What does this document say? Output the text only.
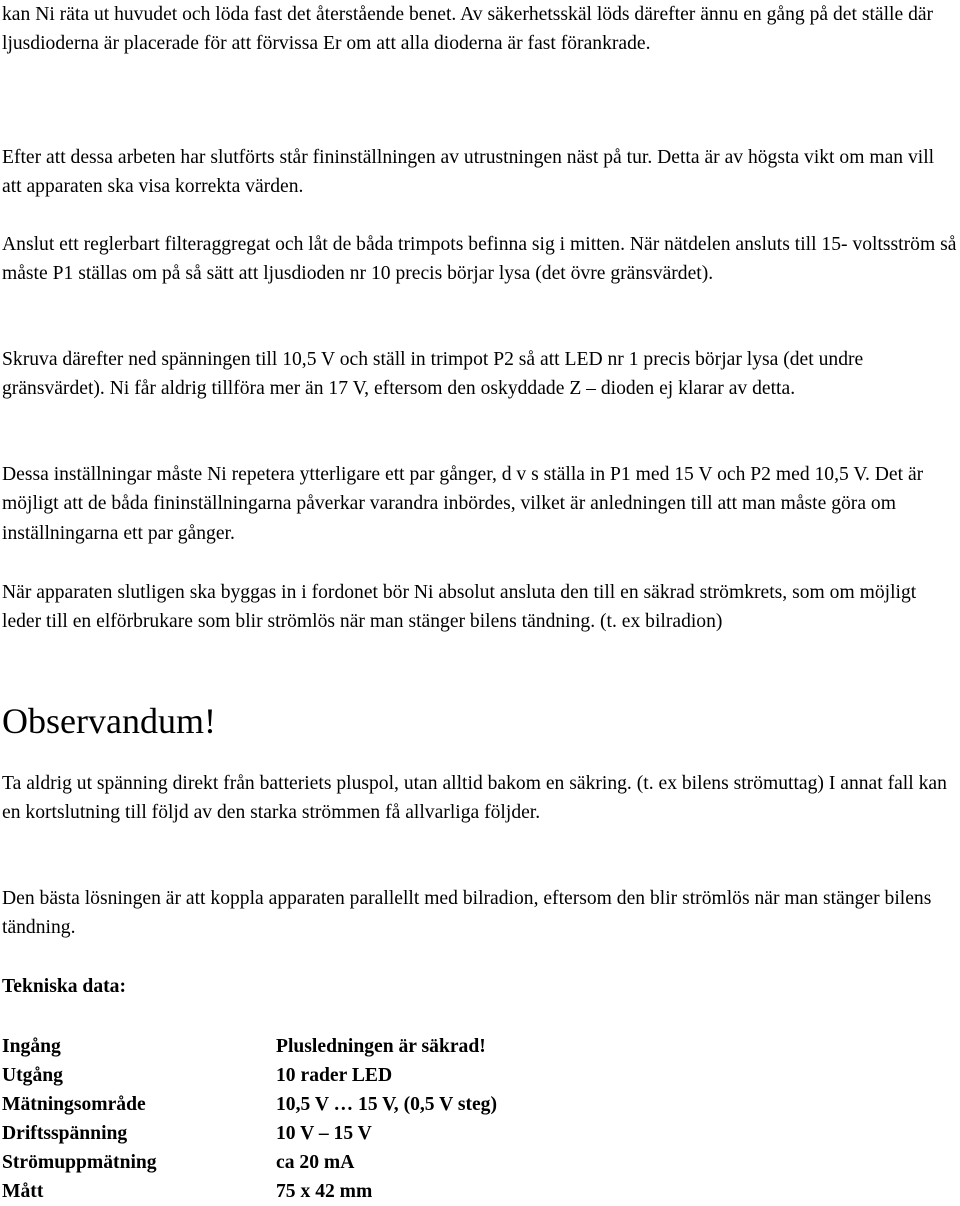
kan Ni räta ut huvudet och löda fast det återstående benet. Av säkerhetsskäl löds därefter ännu en gång på det ställe där ljusdioderna är placerade för att förvissa Er om att alla dioderna är fast förankrade.

Efter att dessa arbeten har slutförts står fininställningen av utrustningen näst på tur. Detta är av högsta vikt om man vill att apparaten ska visa korrekta värden.

Anslut ett reglerbart filteraggregat och låt de båda trimpots befinna sig i mitten. När nätdelen ansluts till 15- voltsström så måste P1 ställas om på så sätt att ljusdioden nr 10 precis börjar lysa (det övre gränsvärdet).

Skruva därefter ned spänningen till 10,5 V och ställ in trimpot P2 så att LED nr 1 precis börjar lysa (det undre gränsvärdet). Ni får aldrig tillföra mer än 17 V, eftersom den oskyddade Z – dioden ej klarar av detta.

Dessa inställningar måste Ni repetera ytterligare ett par gånger, d v s ställa in P1 med 15 V och P2 med 10,5 V. Det är möjligt att de båda fininställningarna påverkar varandra inbördes, vilket är anledningen till att man måste göra om inställningarna ett par gånger.

När apparaten slutligen ska byggas in i fordonet bör Ni absolut ansluta den till en säkrad strömkrets, som om möjligt leder till en elförbrukare som blir strömlös när man stänger bilens tändning. (t. ex bilradion)

Observandum!

Ta aldrig ut spänning direkt från batteriets pluspol, utan alltid bakom en säkring. (t. ex bilens strömuttag) I annat fall kan en kortslutning till följd av den starka strömmen få allvarliga följder.

Den bästa lösningen är att koppla apparaten parallellt med bilradion, eftersom den blir strömlös när man stänger bilens tändning.

Tekniska data:

Ingång	Plusledningen är säkrad!
Utgång	10 rader LED
Mätningsområde	10,5 V … 15 V, (0,5 V steg)
Driftsspänning	10 V – 15 V
Strömuppmätning	ca 20 mA
Mått	75 x 42 mm
